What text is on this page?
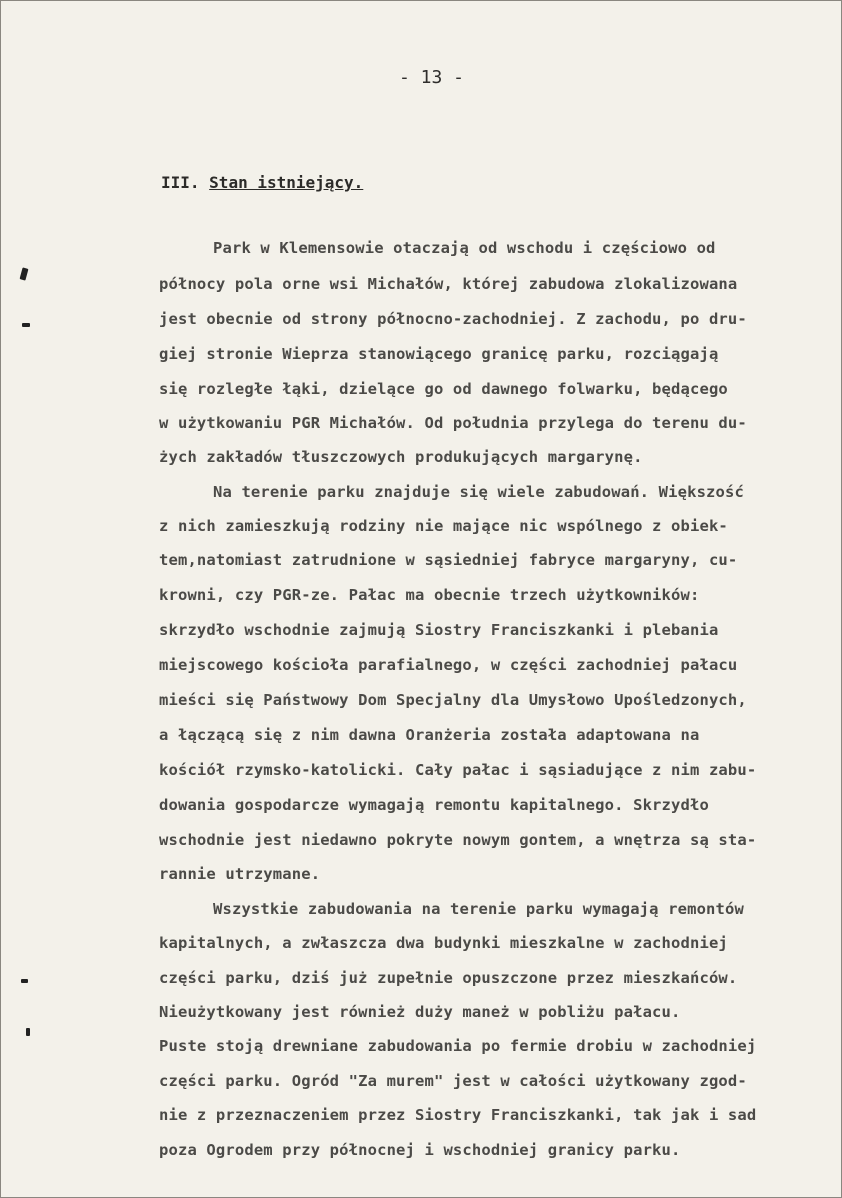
- 13 -
III. Stan istniejący.
Park w Klemensowie otaczają od wschodu i częściowo od
północy pola orne wsi Michałów, której zabudowa zlokalizowana
jest obecnie od strony północno-zachodniej. Z zachodu, po dru-
giej stronie Wieprza stanowiącego granicę parku, rozciągają
się rozległe łąki, dzielące go od dawnego folwarku, będącego
w użytkowaniu PGR Michałów. Od południa przylega do terenu du-
żych zakładów tłuszczowych produkujących margarynę.
Na terenie parku znajduje się wiele zabudowań. Większość
z nich zamieszkują rodziny nie mające nic wspólnego z obiek-
tem,natomiast zatrudnione w sąsiedniej fabryce margaryny, cu-
krowni, czy PGR-ze. Pałac ma obecnie trzech użytkowników:
skrzydło wschodnie zajmują Siostry Franciszkanki i plebania
miejscowego kościoła parafialnego, w części zachodniej pałacu
mieści się Państwowy Dom Specjalny dla Umysłowo Upośledzonych,
a łączącą się z nim dawna Oranżeria została adaptowana na
kościół rzymsko-katolicki. Cały pałac i sąsiadujące z nim zabu-
dowania gospodarcze wymagają remontu kapitalnego. Skrzydło
wschodnie jest niedawno pokryte nowym gontem, a wnętrza są sta-
rannie utrzymane.
Wszystkie zabudowania na terenie parku wymagają remontów
kapitalnych, a zwłaszcza dwa budynki mieszkalne w zachodniej
części parku, dziś już zupełnie opuszczone przez mieszkańców.
Nieużytkowany jest również duży maneż w pobliżu pałacu.
Puste stoją drewniane zabudowania po fermie drobiu w zachodniej
części parku. Ogród "Za murem" jest w całości użytkowany zgod-
nie z przeznaczeniem przez Siostry Franciszkanki, tak jak i sad
poza Ogrodem przy północnej i wschodniej granicy parku.
